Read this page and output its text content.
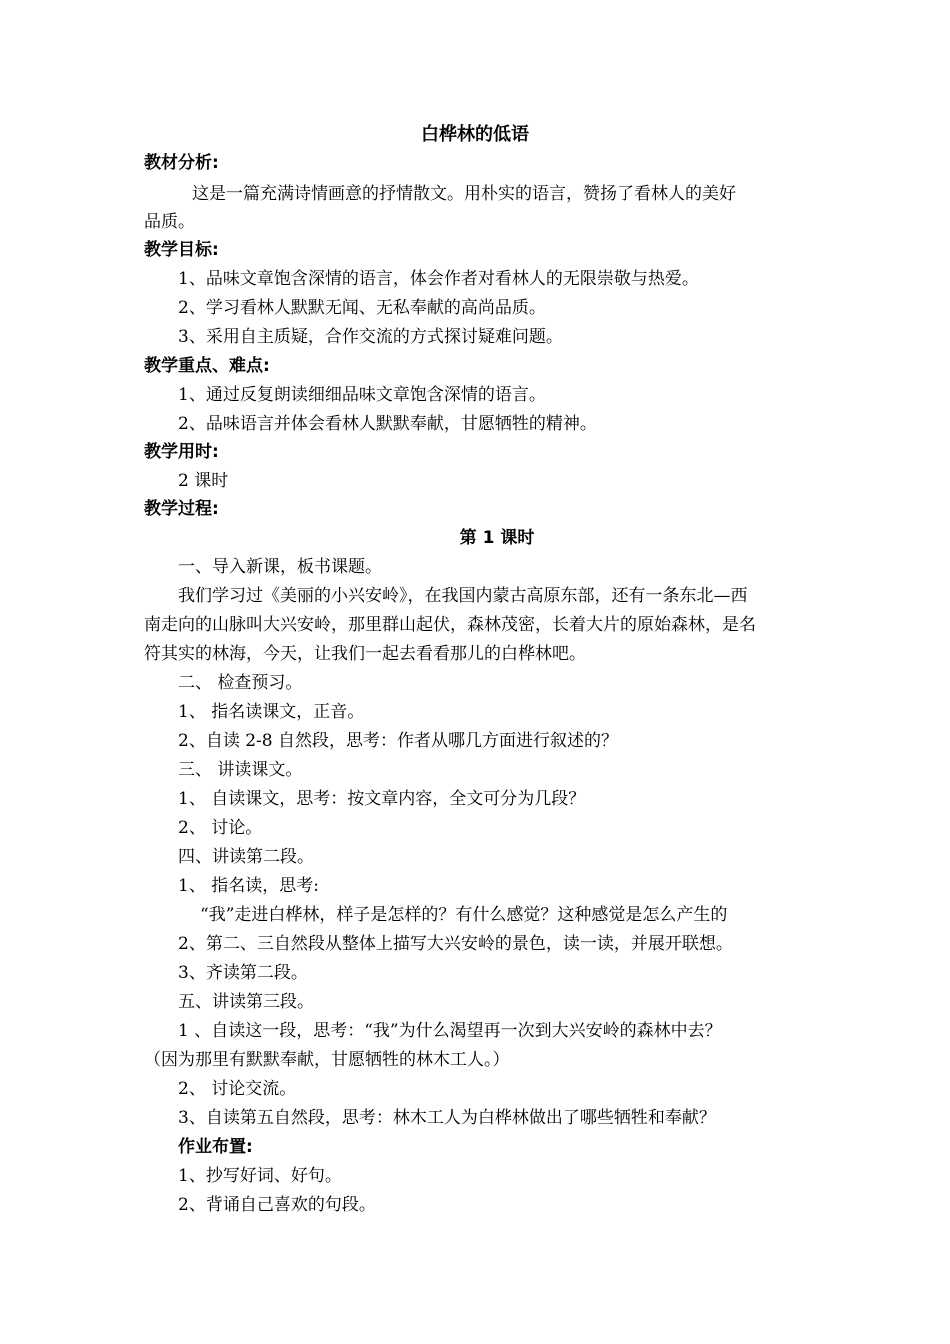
白桦林的低语
教材分析:
这是一篇充满诗情画意的抒情散文。用朴实的语言，赞扬了看林人的美好
品质。
教学目标:
1、品味文章饱含深情的语言，体会作者对看林人的无限崇敬与热爱。
2、学习看林人默默无闻、无私奉献的高尚品质。
3、采用自主质疑，合作交流的方式探讨疑难问题。
教学重点、难点:
1、通过反复朗读细细品味文章饱含深情的语言。
2、品味语言并体会看林人默默奉献，甘愿牺牲的精神。
教学用时:
2 课时
教学过程:
第 1 课时
一、导入新课，板书课题。
我们学习过《美丽的小兴安岭》，在我国内蒙古高原东部，还有一条东北—西
南走向的山脉叫大兴安岭，那里群山起伏，森林茂密，长着大片的原始森林，是名
符其实的林海，今天，让我们一起去看看那儿的白桦林吧。
二、 检查预习。
1、 指名读课文，正音。
2、自读 2-8 自然段，思考：作者从哪几方面进行叙述的？
三、 讲读课文。
1、 自读课文，思考：按文章内容，全文可分为几段？
2、 讨论。
四、讲读第二段。
1、 指名读，思考:
“我”走进白桦林，样子是怎样的？有什么感觉？这种感觉是怎么产生的
2、第二、三自然段从整体上描写大兴安岭的景色，读一读，并展开联想。
3、齐读第二段。
五、讲读第三段。
1 、自读这一段，思考：“我”为什么渴望再一次到大兴安岭的森林中去？
（因为那里有默默奉献，甘愿牺牲的林木工人。）
2、 讨论交流。
3、自读第五自然段，思考：林木工人为白桦林做出了哪些牺牲和奉献？
作业布置:
1、抄写好词、好句。
2、背诵自己喜欢的句段。
